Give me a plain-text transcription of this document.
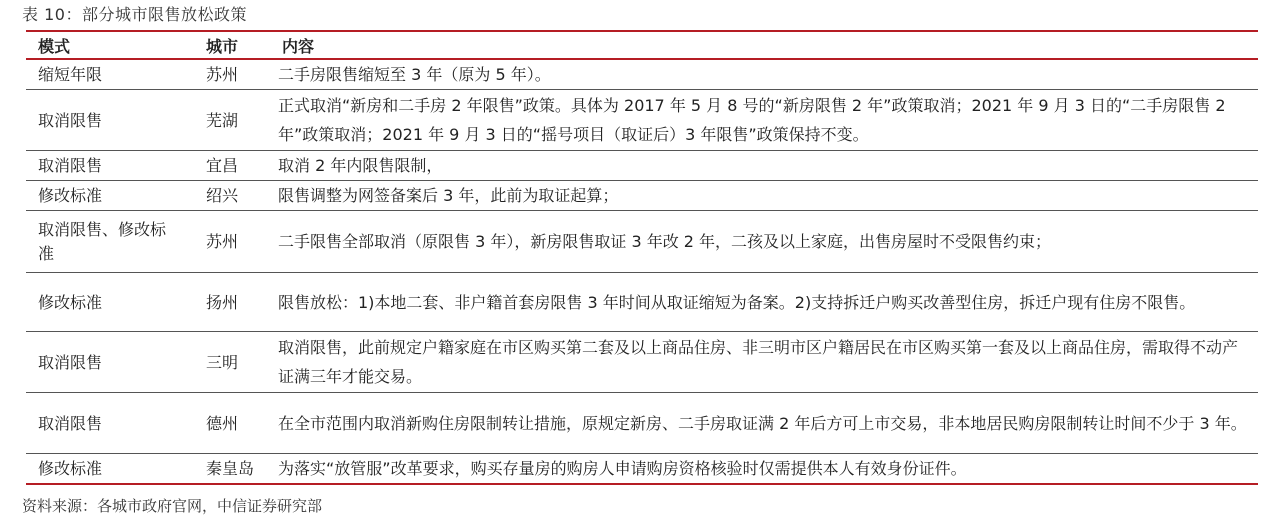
表 10：部分城市限售放松政策
模式	城市	内容
缩短年限	苏州	二手房限售缩短至 3 年（原为 5 年）。
取消限售	芜湖	正式取消“新房和二手房 2 年限售”政策。具体为 2017 年 5 月 8 号的“新房限售 2 年”政策取消；2021 年 9 月 3 日的“二手房限售 2 年”政策取消；2021 年 9 月 3 日的“摇号项目（取证后）3 年限售”政策保持不变。
取消限售	宜昌	取消 2 年内限售限制，
修改标准	绍兴	限售调整为网签备案后 3 年，此前为取证起算；
取消限售、修改标准	苏州	二手限售全部取消（原限售 3 年），新房限售取证 3 年改 2 年，二孩及以上家庭，出售房屋时不受限售约束；
修改标准	扬州	限售放松：1)本地二套、非户籍首套房限售 3 年时间从取证缩短为备案。2)支持拆迁户购买改善型住房，拆迁户现有住房不限售。
取消限售	三明	取消限售，此前规定户籍家庭在市区购买第二套及以上商品住房、非三明市区户籍居民在市区购买第一套及以上商品住房，需取得不动产证满三年才能交易。
取消限售	德州	在全市范围内取消新购住房限制转让措施，原规定新房、二手房取证满 2 年后方可上市交易，非本地居民购房限制转让时间不少于 3 年。
修改标准	秦皇岛	为落实“放管服”改革要求，购买存量房的购房人申请购房资格核验时仅需提供本人有效身份证件。
资料来源：各城市政府官网，中信证券研究部
